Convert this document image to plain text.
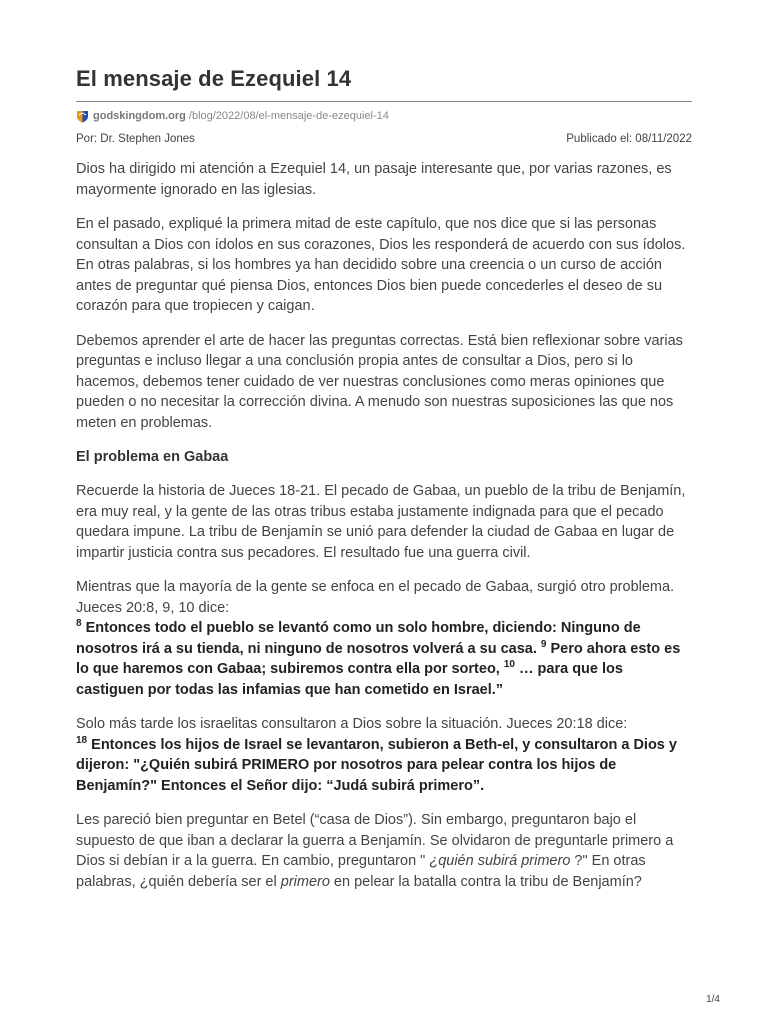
El mensaje de Ezequiel 14
godskingdom.org /blog/2022/08/el-mensaje-de-ezequiel-14
Por: Dr. Stephen Jones	Publicado el: 08/11/2022

Dios ha dirigido mi atención a Ezequiel 14, un pasaje interesante que, por varias razones, es mayormente ignorado en las iglesias.

En el pasado, expliqué la primera mitad de este capítulo, que nos dice que si las personas consultan a Dios con ídolos en sus corazones, Dios les responderá de acuerdo con sus ídolos. En otras palabras, si los hombres ya han decidido sobre una creencia o un curso de acción antes de preguntar qué piensa Dios, entonces Dios bien puede concederles el deseo de su corazón para que tropiecen y caigan.

Debemos aprender el arte de hacer las preguntas correctas. Está bien reflexionar sobre varias preguntas e incluso llegar a una conclusión propia antes de consultar a Dios, pero si lo hacemos, debemos tener cuidado de ver nuestras conclusiones como meras opiniones que pueden o no necesitar la corrección divina. A menudo son nuestras suposiciones las que nos meten en problemas.

El problema en Gabaa

Recuerde la historia de Jueces 18-21. El pecado de Gabaa, un pueblo de la tribu de Benjamín, era muy real, y la gente de las otras tribus estaba justamente indignada para que el pecado quedara impune. La tribu de Benjamín se unió para defender la ciudad de Gabaa en lugar de impartir justicia contra sus pecadores. El resultado fue una guerra civil.

Mientras que la mayoría de la gente se enfoca en el pecado de Gabaa, surgió otro problema. Jueces 20:8, 9, 10 dice:

$^8$ Entonces todo el pueblo se levantó como un solo hombre, diciendo: Ninguno de nosotros irá a su tienda, ni ninguno de nosotros volverá a su casa. $^9$ Pero ahora esto es lo que haremos con Gabaa; subiremos contra ella por sorteo, $^{10}$ … para que los castiguen por todas las infamias que han cometido en Israel.”

Solo más tarde los israelitas consultaron a Dios sobre la situación. Jueces 20:18 dice:

$^{18}$ Entonces los hijos de Israel se levantaron, subieron a Beth-el, y consultaron a Dios y dijeron: "¿Quién subirá PRIMERO por nosotros para pelear contra los hijos de Benjamín?" Entonces el Señor dijo: “Judá subirá primero”.

Les pareció bien preguntar en Betel (“casa de Dios”). Sin embargo, preguntaron bajo el supuesto de que iban a declarar la guerra a Benjamín. Se olvidaron de preguntarle primero a Dios si debían ir a la guerra. En cambio, preguntaron " ¿quién subirá primero ?" En otras palabras, ¿quién debería ser el primero en pelear la batalla contra la tribu de Benjamín?

1/4
